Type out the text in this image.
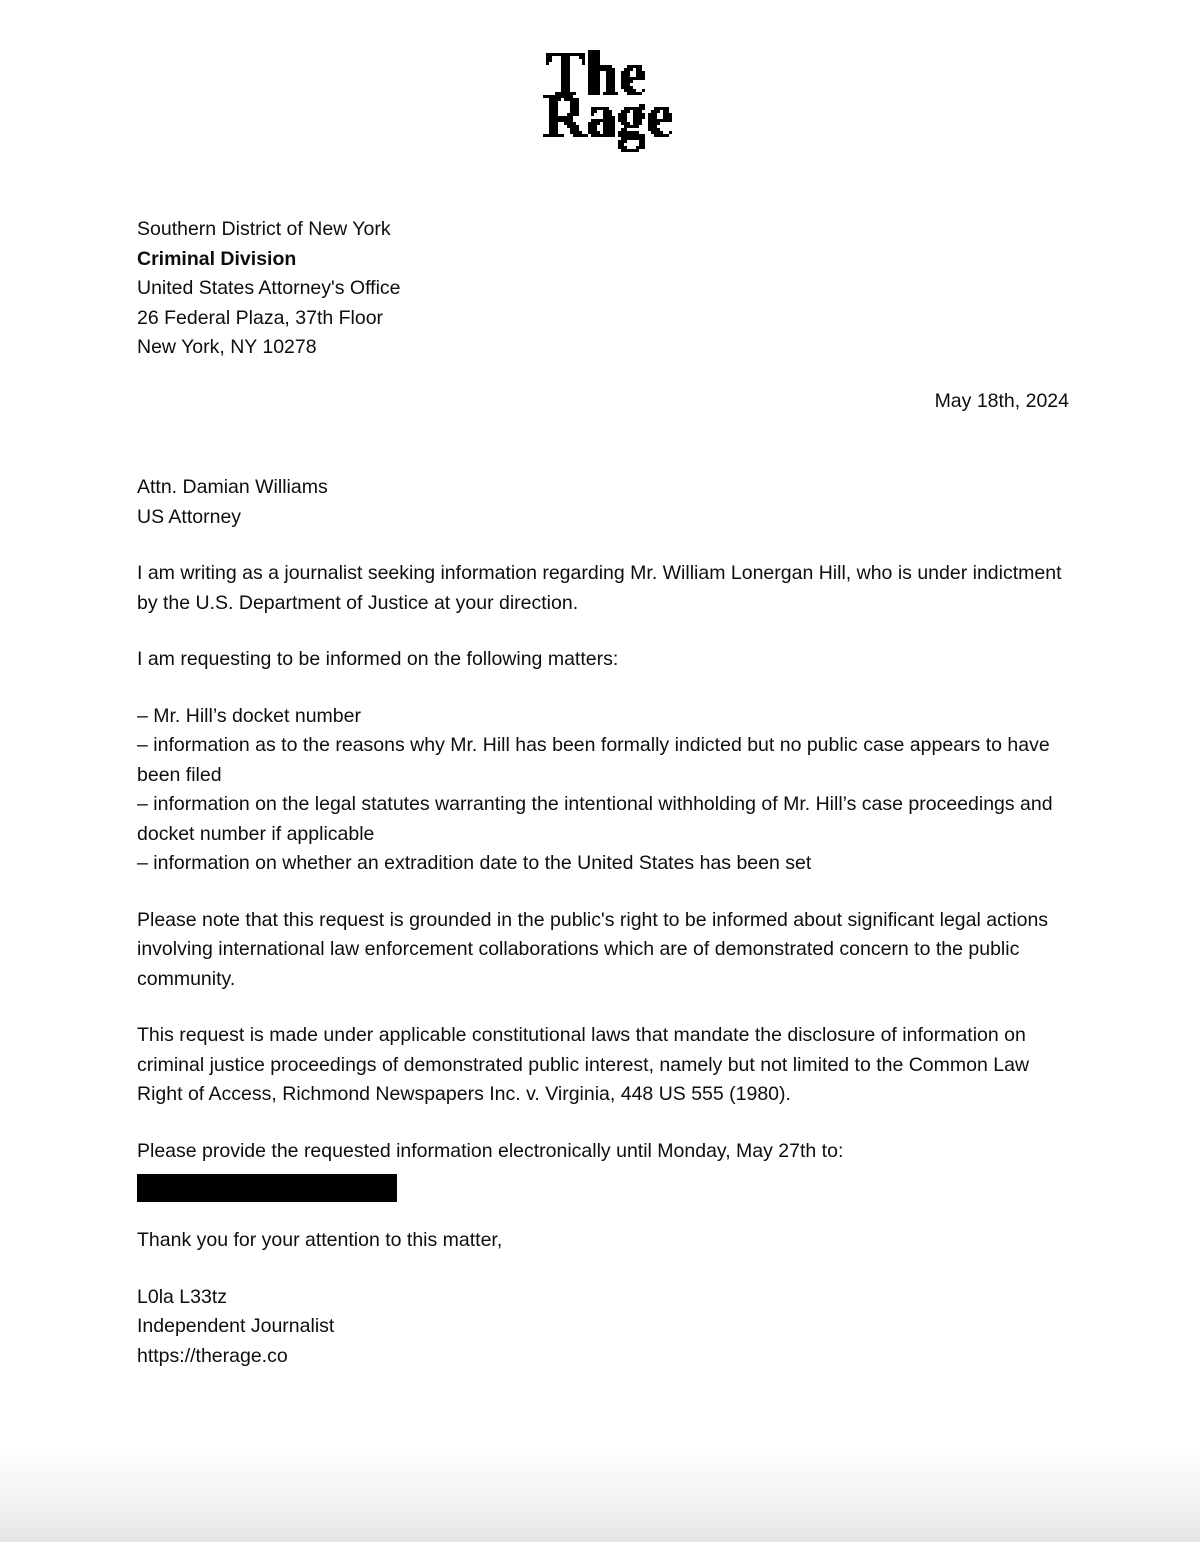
Southern District of New York
Criminal Division
United States Attorney's Office
26 Federal Plaza, 37th Floor
New York, NY 10278
May 18th, 2024
Attn. Damian Williams
US Attorney

I am writing as a journalist seeking information regarding Mr. William Lonergan Hill, who is under indictment by the U.S. Department of Justice at your direction.

I am requesting to be informed on the following matters:

– Mr. Hill’s docket number
– information as to the reasons why Mr. Hill has been formally indicted but no public case appears to have been filed
– information on the legal statutes warranting the intentional withholding of Mr. Hill’s case proceedings and docket number if applicable
– information on whether an extradition date to the United States has been set

Please note that this request is grounded in the public's right to be informed about significant legal actions involving international law enforcement collaborations which are of demonstrated concern to the public community.

This request is made under applicable constitutional laws that mandate the disclosure of information on criminal justice proceedings of demonstrated public interest, namely but not limited to the Common Law Right of Access, Richmond Newspapers Inc. v. Virginia, 448 US 555 (1980).

Please provide the requested information electronically until Monday, May 27th to:

Thank you for your attention to this matter,

L0la L33tz
Independent Journalist
https://therage.co
